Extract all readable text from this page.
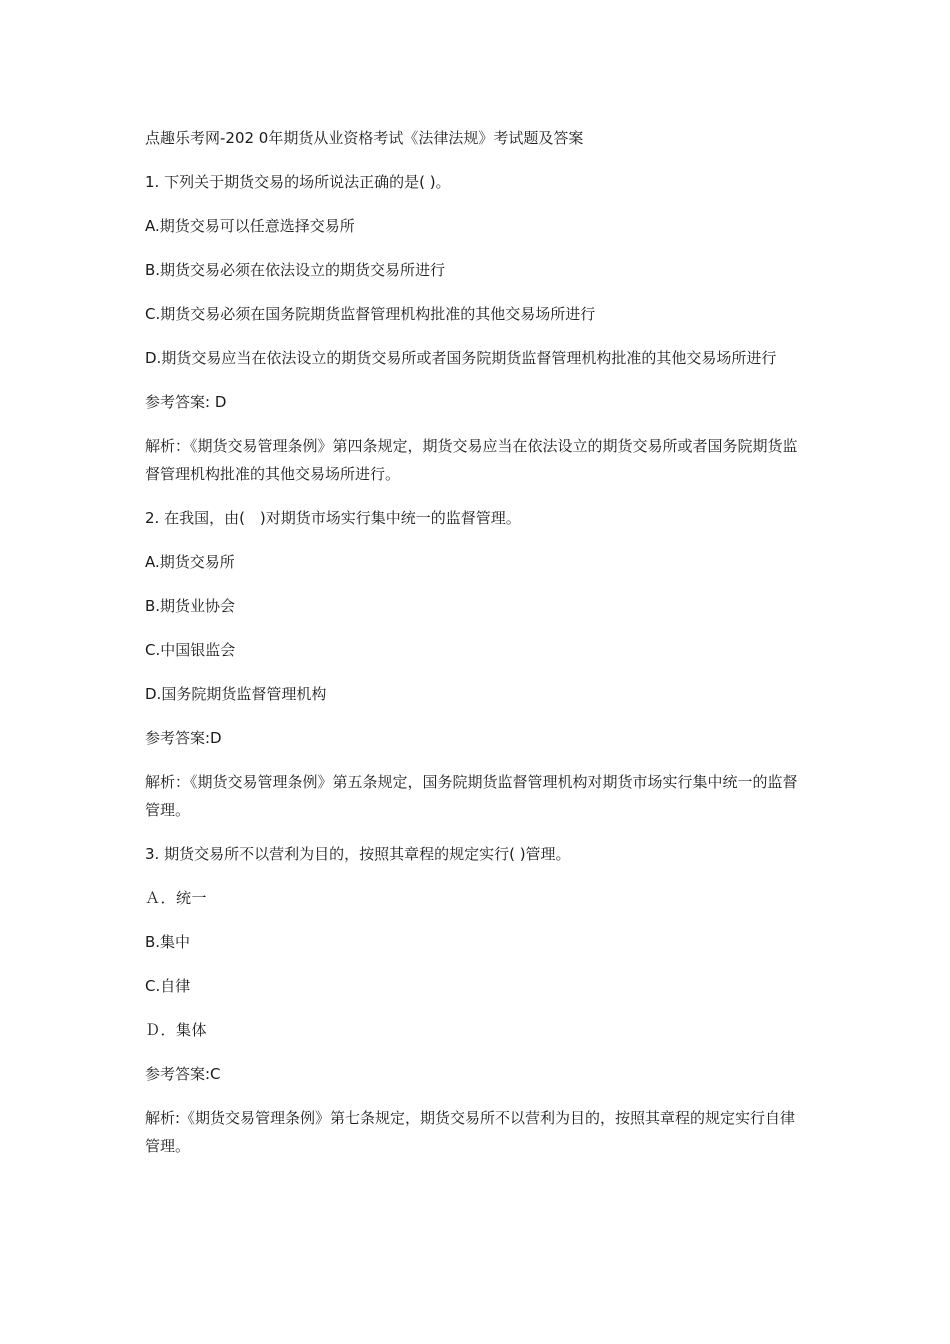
点趣乐考网-202 0年期货从业资格考试《法律法规》考试题及答案

1. 下列关于期货交易的场所说法正确的是( )。

A.期货交易可以任意选择交易所

B.期货交易必须在依法设立的期货交易所进行

C.期货交易必须在国务院期货监督管理机构批准的其他交易场所进行

D.期货交易应当在依法设立的期货交易所或者国务院期货监督管理机构批准的其他交易场所进行

参考答案: D

解析：《期货交易管理条例》第四条规定，期货交易应当在依法设立的期货交易所或者国务院期货监督管理机构批准的其他交易场所进行。

2. 在我国，由(　)对期货市场实行集中统一的监督管理。

A.期货交易所

B.期货业协会

C.中国银监会

D.国务院期货监督管理机构

参考答案:D

解析：《期货交易管理条例》第五条规定，国务院期货监督管理机构对期货市场实行集中统一的监督管理。

3. 期货交易所不以营利为目的，按照其章程的规定实行( )管理。

Ａ．统一

B.集中

C.自律

Ｄ．集体

参考答案:C

解析:《期货交易管理条例》第七条规定，期货交易所不以营利为目的，按照其章程的规定实行自律管理。
